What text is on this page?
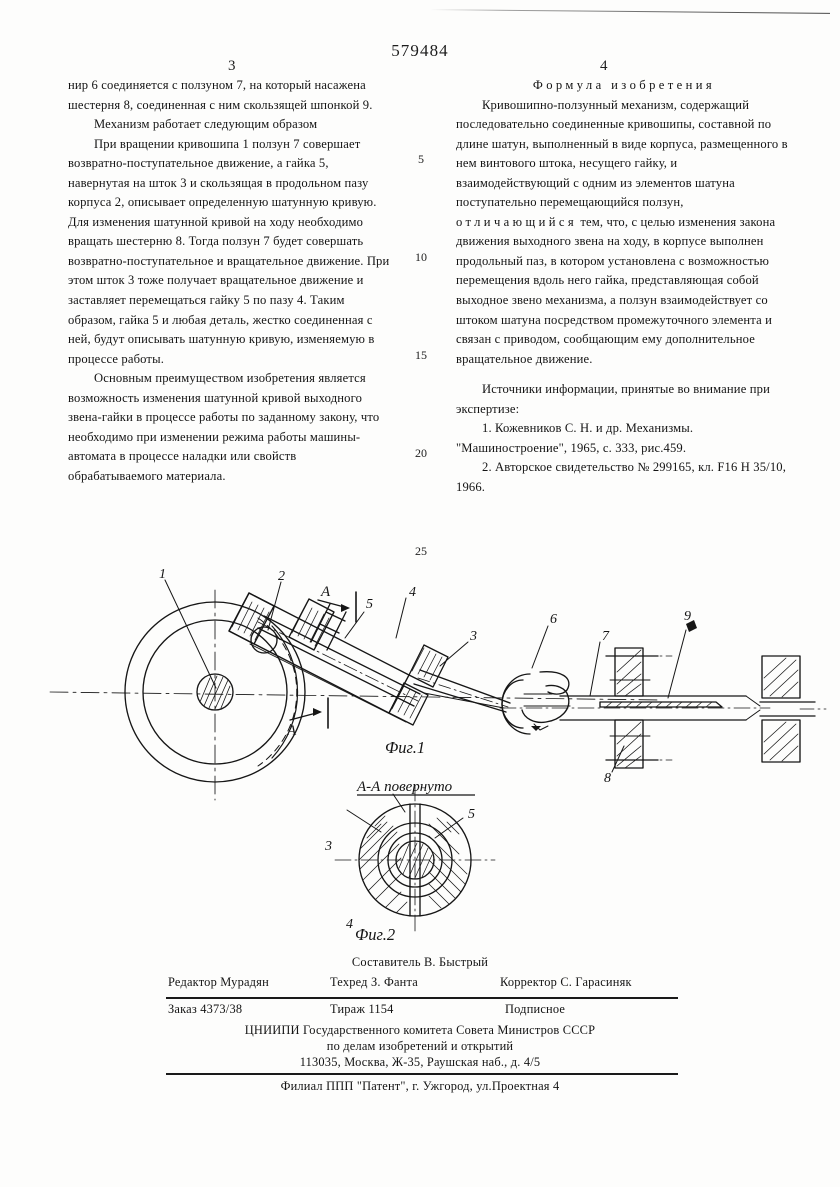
579484
3	4

нир 6 соединяется с ползуном 7, на который насажена шестерня 8, соединенная с ним скользящей шпонкой 9.

Механизм работает следующим образом

При вращении кривошипа 1 ползун 7 совершает возвратно-поступательное движение, а гайка 5, навернутая на шток 3 и скользящая в продольном пазу корпуса 2, описывает определенную шатунную кривую. Для изменения шатунной кривой на ходу необходимо вращать шестерню 8. Тогда ползун 7 будет совершать возвратно-поступательное и вращательное движение. При этом шток 3 тоже получает вращательное движение и заставляет перемещаться гайку 5 по пазу 4. Таким образом, гайка 5 и любая деталь, жестко соединенная с ней, будут описывать шатунную кривую, изменяемую в процессе работы.

Основным преимуществом изобретения является возможность изменения шатунной кривой выходного звена-гайки в процессе работы по заданному закону, что необходимо при изменении режима работы машины-автомата в процессе наладки или свойств обрабатываемого материала.

Формула изобретения

Кривошипно-ползунный механизм, содержащий последовательно соединенные кривошипы, составной по длине шатун, выполненный в виде корпуса, размещенного в нем винтового штока, несущего гайку, и взаимодействующий с одним из элементов шатуна поступательно перемещающийся ползун, отличающийся тем, что, с целью изменения закона движения выходного звена на ходу, в корпусе выполнен продольный паз, в котором установлена с возможностью перемещения вдоль него гайка, представляющая собой выходное звено механизма, а ползун взаимодействует со штоком шатуна посредством промежуточного элемента и связан с приводом, сообщающим ему дополнительное вращательное движение.

Источники информации, принятые во внимание при экспертизе:

1. Кожевников С. Н. и др. Механизмы. "Машиностроение", 1965, с. 333, рис.459.

2. Авторское свидетельство № 299165, кл. F16 H 35/10, 1966.

5
10
15
20
25
1	2
5
4
3
6
7
8
9
4
3
5
А
А
Фиг.1
А-А повернуто
Фиг.2
Составитель В. Быстрый
Редактор Мурадян	Техред З. Фанта	Корректор С. Гарасиняк
Заказ 4373/38	Тираж 1154	Подписное
ЦНИИПИ Государственного комитета Совета Министров СССР
по делам изобретений и открытий
113035, Москва, Ж-35, Раушская наб., д. 4/5
Филиал ППП "Патент", г. Ужгород, ул.Проектная 4
